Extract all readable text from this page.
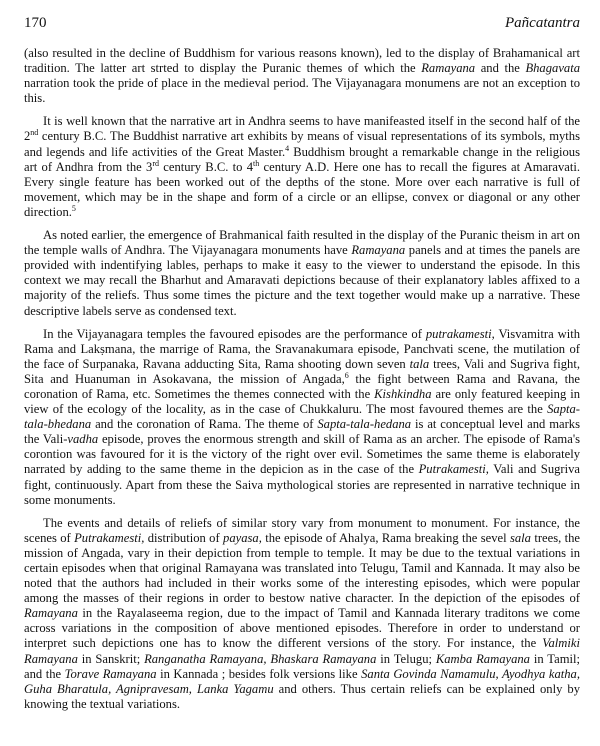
170	Pañcatantra

(also resulted in the decline of Buddhism for various reasons known), led to the display of Brahamanical art tradition. The latter art strted to display the Puranic themes of which the Ramayana and the Bhagavata narration took the pride of place in the medieval period. The Vijayanagara monumens are not an exception to this.

It is well known that the narrative art in Andhra seems to have manifeasted itself in the second half of the 2nd century B.C. The Buddhist narrative art exhibits by means of visual representations of its symbols, myths and legends and life activities of the Great Master.$^4$ Buddhism brought a remarkable change in the religious art of Andhra from the 3rd century B.C. to 4th century A.D. Here one has to recall the figures at Amaravati. Every single feature has been worked out of the depths of the stone. More over each narrative is full of movement, which may be in the shape and form of a circle or an ellipse, convex or diagonal or any other direction.$^5$

As noted earlier, the emergence of Brahmanical faith resulted in the display of the Puranic theism in art on the temple walls of Andhra. The Vijayanagara monuments have Ramayana panels and at times the panels are provided with indentifying lables, perhaps to make it easy to the viewer to understand the episode. In this context we may recall the Bharhut and Amaravati depictions because of their explanatory lables affixed to a majority of the reliefs. Thus some times the picture and the text together would make up a narrative. These descriptive labels serve as condensed text.

In the Vijayanagara temples the favoured episodes are the performance of putrakamesti, Visvamitra with Rama and Lakṣmana, the marrige of Rama, the Sravanakumara episode, Panchvati scene, the mutilation of the face of Surpanaka, Ravana adducting Sita, Rama shooting down seven tala trees, Vali and Sugriva fight, Sita and Huanuman in Asokavana, the mission of Angada,$^6$ the fight between Rama and Ravana, the coronation of Rama, etc. Sometimes the themes connected with the Kishkindha are only featured keeping in view of the ecology of the locality, as in the case of Chukkaluru. The most favoured themes are the Sapta-tala-bhedana and the coronation of Rama. The theme of Sapta-tala-hedana is at conceptual level and marks the Vali-vadha episode, proves the enormous strength and skill of Rama as an archer. The episode of Rama's corontion was favoured for it is the victory of the right over evil. Sometimes the same theme is elaborately narrated by adding to the same theme in the depicion as in the case of the Putrakamesti, Vali and Sugriva fight, continuously. Apart from these the Saiva mythological stories are represented in narrative technique in some monuments.

The events and details of reliefs of similar story vary from monument to monument. For instance, the scenes of Putrakamesti, distribution of payasa, the episode of Ahalya, Rama breaking the sevel sala trees, the mission of Angada, vary in their depiction from temple to temple. It may be due to the textual variations in certain episodes when that original Ramayana was translated into Telugu, Tamil and Kannada. It may also be noted that the authors had included in their works some of the interesting episodes, which were popular among the masses of their regions in order to bestow native character. In the depiction of the episodes of Ramayana in the Rayalaseema region, due to the impact of Tamil and Kannada literary traditons we come across variations in the composition of above mentioned episodes. Therefore in order to understand or interpret such depictions one has to know the different versions of the story. For instance, the Valmiki Ramayana in Sanskrit; Ranganatha Ramayana, Bhaskara Ramayana in Telugu; Kamba Ramayana in Tamil; and the Torave Ramayana in Kannada ; besides folk versions like Santa Govinda Namamulu, Ayodhya katha, Guha Bharatula, Agnipravesam, Lanka Yagamu and others. Thus certain reliefs can be explained only by knowing the textual variations.
